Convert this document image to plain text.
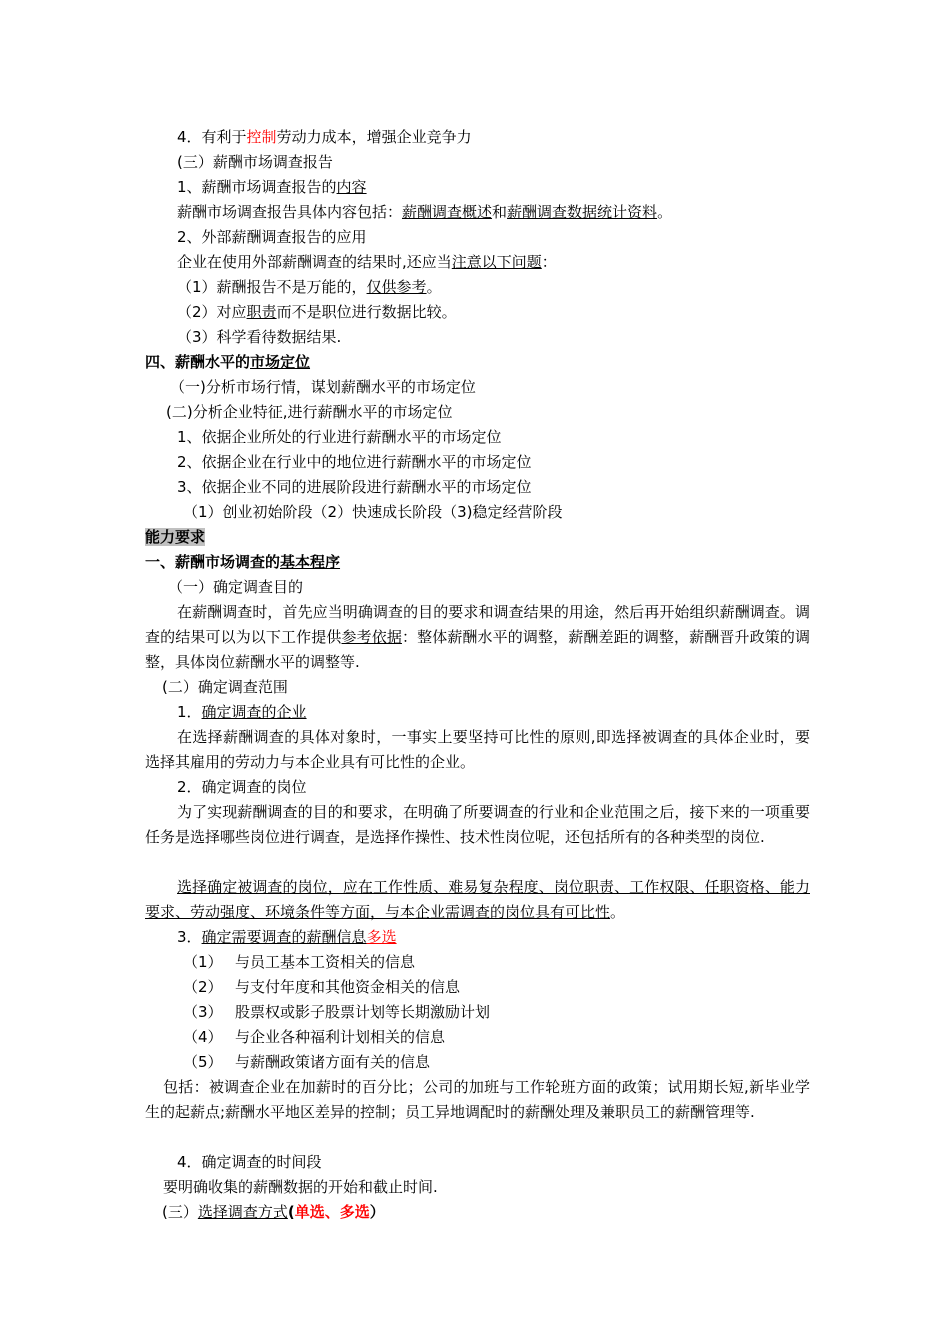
4．有利于控制劳动力成本，增强企业竞争力
(三）薪酬市场调查报告
1、薪酬市场调查报告的内容
薪酬市场调查报告具体内容包括：薪酬调查概述和薪酬调查数据统计资料。
2、外部薪酬调查报告的应用
企业在使用外部薪酬调查的结果时,还应当注意以下问题：
（1）薪酬报告不是万能的，仅供参考。
（2）对应职责而不是职位进行数据比较。
（3）科学看待数据结果.
四、薪酬水平的市场定位
（一)分析市场行情，谋划薪酬水平的市场定位
(二)分析企业特征,进行薪酬水平的市场定位
1、依据企业所处的行业进行薪酬水平的市场定位
2、依据企业在行业中的地位进行薪酬水平的市场定位
3、依据企业不同的进展阶段进行薪酬水平的市场定位
（1）创业初始阶段（2）快速成长阶段（3)稳定经营阶段
能力要求
一、薪酬市场调查的基本程序
（一）确定调查目的
在薪酬调查时，首先应当明确调查的目的要求和调查结果的用途，然后再开始组织薪酬调查。调查的结果可以为以下工作提供参考依据：整体薪酬水平的调整，薪酬差距的调整，薪酬晋升政策的调整，具体岗位薪酬水平的调整等.
(二）确定调查范围
1．确定调查的企业
在选择薪酬调查的具体对象时，一事实上要坚持可比性的原则,即选择被调查的具体企业时，要选择其雇用的劳动力与本企业具有可比性的企业。
2．确定调查的岗位
为了实现薪酬调查的目的和要求，在明确了所要调查的行业和企业范围之后，接下来的一项重要任务是选择哪些岗位进行调查，是选择作操性、技术性岗位呢，还包括所有的各种类型的岗位.
选择确定被调查的岗位，应在工作性质、难易复杂程度、岗位职责、工作权限、任职资格、能力要求、劳动强度、环境条件等方面，与本企业需调查的岗位具有可比性。
3．确定需要调查的薪酬信息多选
（1） 与员工基本工资相关的信息
（2） 与支付年度和其他资金相关的信息
（3） 股票权或影子股票计划等长期激励计划
（4） 与企业各种福利计划相关的信息
（5） 与薪酬政策诸方面有关的信息
包括：被调查企业在加薪时的百分比；公司的加班与工作轮班方面的政策；试用期长短,新毕业学生的起薪点;薪酬水平地区差异的控制；员工异地调配时的薪酬处理及兼职员工的薪酬管理等.
4．确定调查的时间段
要明确收集的薪酬数据的开始和截止时间.
(三）选择调查方式(单选、多选）
